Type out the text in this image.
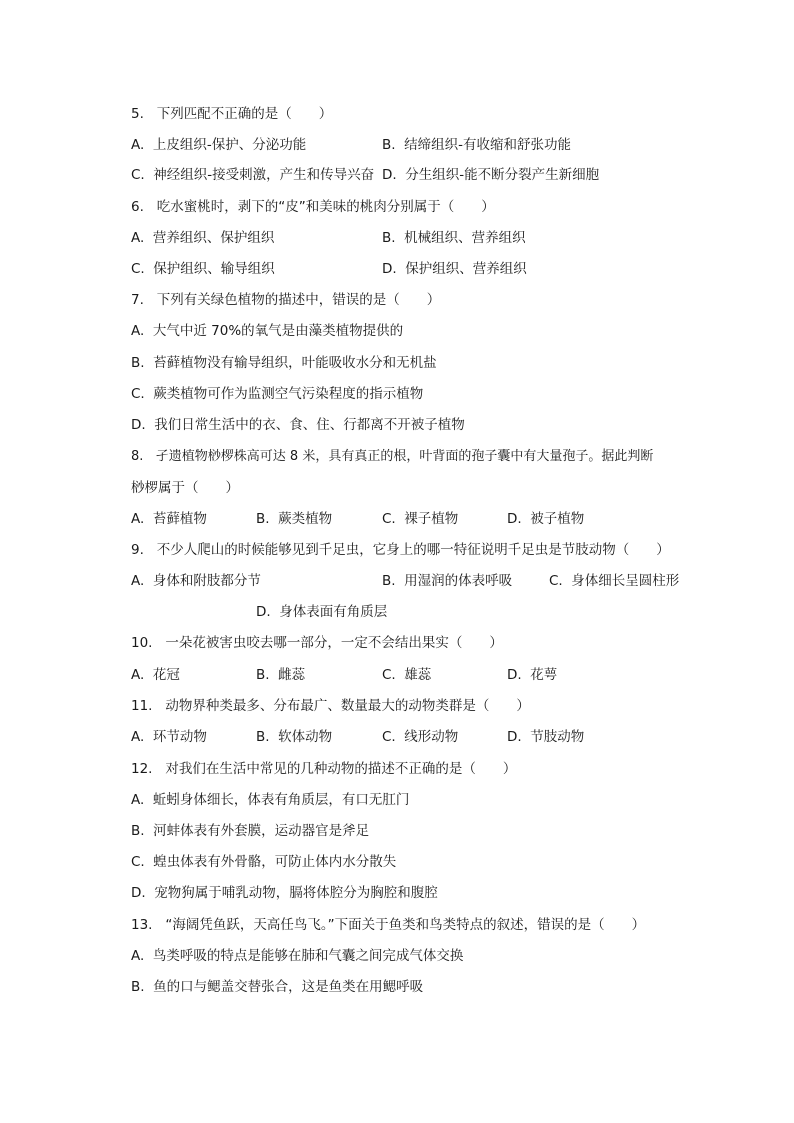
5.   下列匹配不正确的是（　　）
A.  上皮组织-保护、分泌功能	B.  结缔组织-有收缩和舒张功能
C.  神经组织-接受刺激，产生和传导兴奋 D.  分生组织-能不断分裂产生新细胞
6.   吃水蜜桃时，剥下的“皮”和美味的桃肉分别属于（　　）
A.  营养组织、保护组织	B.  机械组织、营养组织
C.  保护组织、输导组织	D.  保护组织、营养组织
7.   下列有关绿色植物的描述中，错误的是（　　）
A.  大气中近 70%的氧气是由藻类植物提供的
B.  苔藓植物没有输导组织，叶能吸收水分和无机盐
C.  蕨类植物可作为监测空气污染程度的指示植物
D.  我们日常生活中的衣、食、住、行都离不开被子植物
8.   孑遗植物桫椤株高可达 8 米，具有真正的根，叶背面的孢子囊中有大量孢子。据此判断
桫椤属于（　　）
A.  苔藓植物	B.  蕨类植物	C.  裸子植物	D.  被子植物
9.   不少人爬山的时候能够见到千足虫，它身上的哪一特征说明千足虫是节肢动物（　　）
A.  身体和附肢都分节	B.  用湿润的体表呼吸	C.  身体细长呈圆柱形
D.  身体表面有角质层
10.   一朵花被害虫咬去哪一部分，一定不会结出果实（　　）
A.  花冠	B.  雌蕊	C.  雄蕊	D.  花萼
11.   动物界种类最多、分布最广、数量最大的动物类群是（　　）
A.  环节动物	B.  软体动物	C.  线形动物	D.  节肢动物
12.   对我们在生活中常见的几种动物的描述不正确的是（　　）
A.  蚯蚓身体细长，体表有角质层，有口无肛门
B.  河蚌体表有外套膜，运动器官是斧足
C.  蝗虫体表有外骨骼，可防止体内水分散失
D.  宠物狗属于哺乳动物，膈将体腔分为胸腔和腹腔
13.   “海阔凭鱼跃，天高任鸟飞。”下面关于鱼类和鸟类特点的叙述，错误的是（　　）
A.  鸟类呼吸的特点是能够在肺和气囊之间完成气体交换
B.  鱼的口与鳃盖交替张合，这是鱼类在用鳃呼吸
